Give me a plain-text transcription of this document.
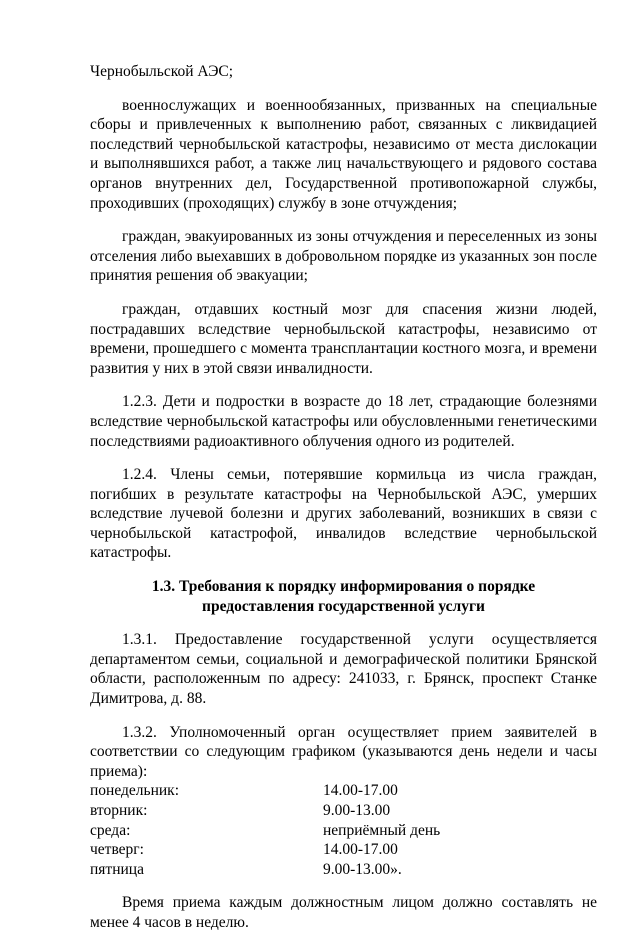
Чернобыльской АЭС;

военнослужащих и военнообязанных, призванных на специальные сборы и привлеченных к выполнению работ, связанных с ликвидацией последствий чернобыльской катастрофы, независимо от места дислокации и выполнявшихся работ, а также лиц начальствующего и рядового состава органов внутренних дел, Государственной противопожарной службы, проходивших (проходящих) службу в зоне отчуждения;

граждан, эвакуированных из зоны отчуждения и переселенных из зоны отселения либо выехавших в добровольном порядке из указанных зон после принятия решения об эвакуации;

граждан, отдавших костный мозг для спасения жизни людей, пострадавших вследствие чернобыльской катастрофы, независимо от времени, прошедшего с момента трансплантации костного мозга, и времени развития у них в этой связи инвалидности.

1.2.3. Дети и подростки в возрасте до 18 лет, страдающие болезнями вследствие чернобыльской катастрофы или обусловленными генетическими последствиями радиоактивного облучения одного из родителей.

1.2.4. Члены семьи, потерявшие кормильца из числа граждан, погибших в результате катастрофы на Чернобыльской АЭС, умерших вследствие лучевой болезни и других заболеваний, возникших в связи с чернобыльской катастрофой, инвалидов вследствие чернобыльской катастрофы.

1.3. Требования к порядку информирования о порядке
предоставления государственной услуги

1.3.1. Предоставление государственной услуги осуществляется департаментом семьи, социальной и демографической политики Брянской области, расположенным по адресу: 241033, г. Брянск, проспект Станке Димитрова, д. 88.

1.3.2. Уполномоченный орган осуществляет прием заявителей в соответствии со следующим графиком (указываются день недели и часы приема):

понедельник:	14.00-17.00
вторник:	9.00-13.00
среда:	неприёмный день
четверг:	14.00-17.00
пятница	9.00-13.00».

Время приема каждым должностным лицом должно составлять не менее 4 часов в неделю.
